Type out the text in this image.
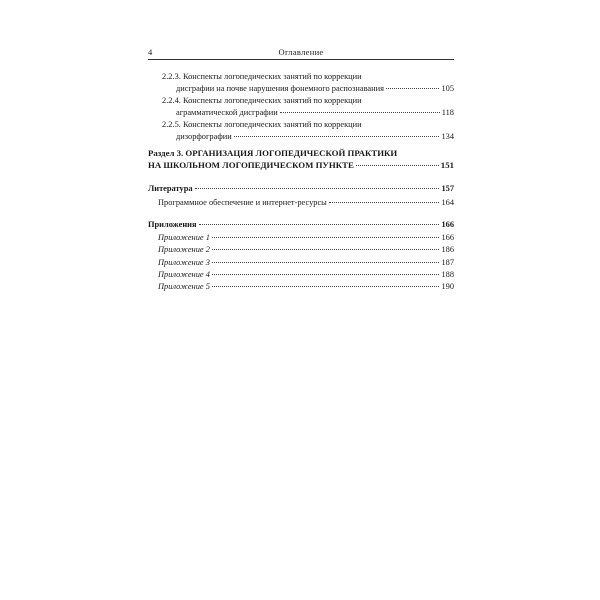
4	Оглавление
2.2.3. Конспекты логопедических занятий по коррекции
дисграфии на почве нарушения фонемного распознавания	105
2.2.4. Конспекты логопедических занятий по коррекции
аграмматической дисграфии	118
2.2.5. Конспекты логопедических занятий по коррекции
дизорфографии	134
Раздел 3. ОРГАНИЗАЦИЯ ЛОГОПЕДИЧЕСКОЙ ПРАКТИКИ
НА ШКОЛЬНОМ ЛОГОПЕДИЧЕСКОМ ПУНКТЕ	151
Литература	157
Программное обеспечение и интернет-ресурсы	164
Приложения	166
Приложение 1	166
Приложение 2	186
Приложение 3	187
Приложение 4	188
Приложение 5	190
